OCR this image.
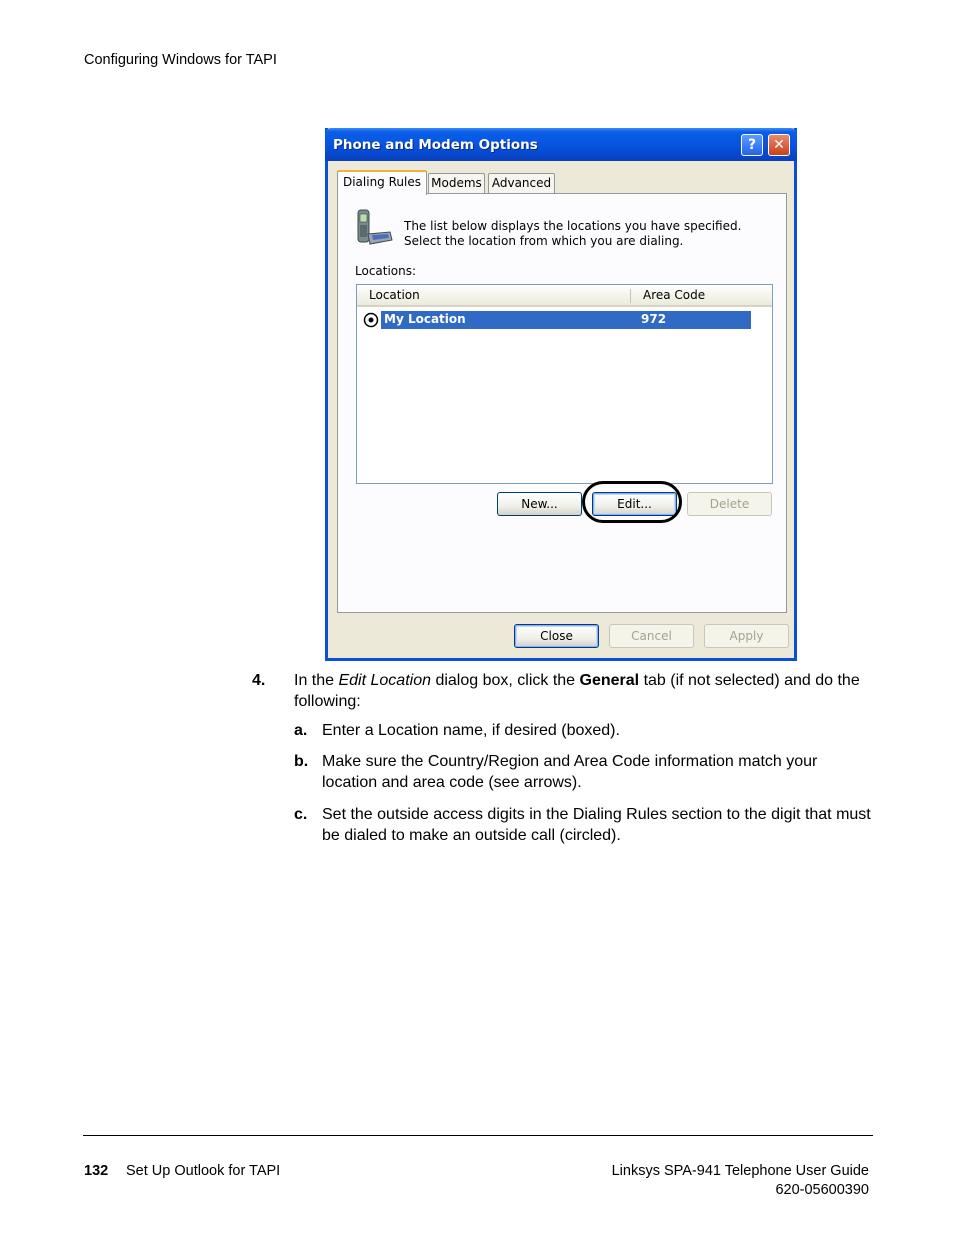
Configuring Windows for TAPI
Phone and Modem Options	?	✕
Dialing Rules Modems Advanced
The list below displays the locations you have specified. Select the location from which you are dialing.
Locations:
Location	Area Code
My Location	972
New...	Edit...	Delete
Close	Cancel	Apply
4. In the Edit Location dialog box, click the General tab (if not selected) and do the following:
a. Enter a Location name, if desired (boxed).
b. Make sure the Country/Region and Area Code information match your location and area code (see arrows).
c. Set the outside access digits in the Dialing Rules section to the digit that must be dialed to make an outside call (circled).
132 Set Up Outlook for TAPI	Linksys SPA-941 Telephone User Guide
620-05600390
